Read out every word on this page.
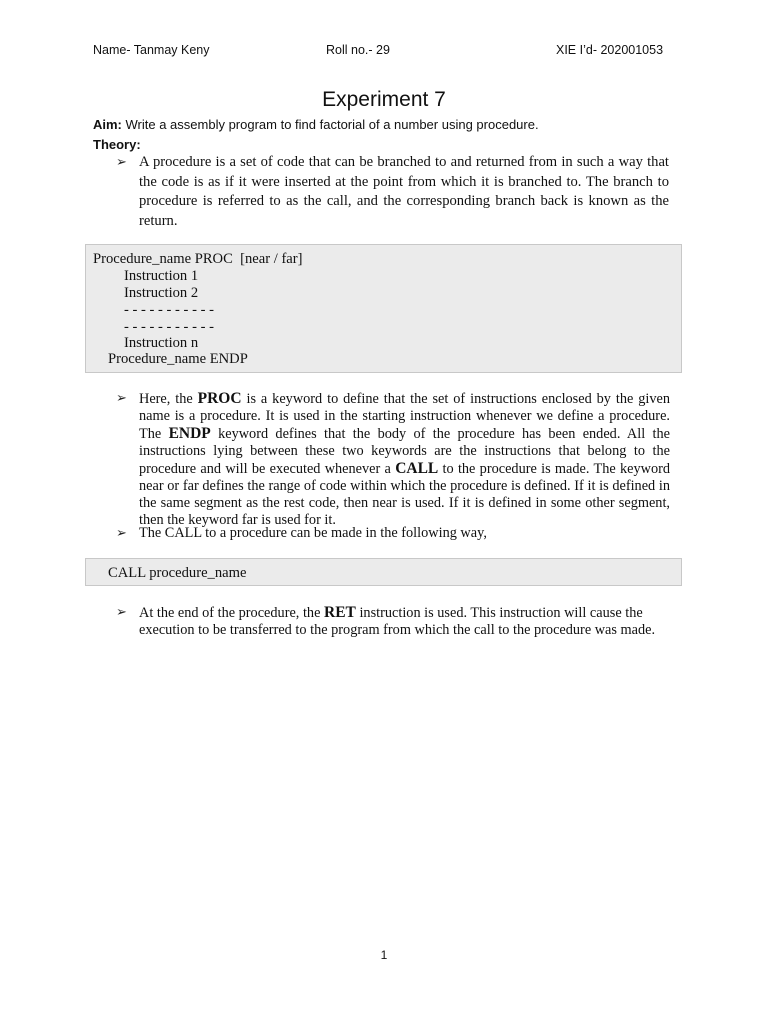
Name- Tanmay Keny	Roll no.- 29	XIE I’d- 202001053
Experiment 7
Aim: Write a assembly program to find factorial of a number using procedure.
Theory:
➢ A procedure is a set of code that can be branched to and returned from in such a way that the code is as if it were inserted at the point from which it is branched to. The branch to procedure is referred to as the call, and the corresponding branch back is known as the return.
Procedure_name PROC  [near / far]
Instruction 1
Instruction 2
- - - - - - - - - - -
- - - - - - - - - - -
Instruction n
Procedure_name ENDP
➢ Here, the PROC is a keyword to define that the set of instructions enclosed by the given name is a procedure. It is used in the starting instruction whenever we define a procedure. The ENDP keyword defines that the body of the procedure has been ended. All the instructions lying between these two keywords are the instructions that belong to the procedure and will be executed whenever a CALL to the procedure is made. The keyword near or far defines the range of code within which the procedure is defined. If it is defined in the same segment as the rest code, then near is used. If it is defined in some other segment, then the keyword far is used for it.
➢ The CALL to a procedure can be made in the following way,
CALL procedure_name
➢ At the end of the procedure, the RET instruction is used. This instruction will cause the execution to be transferred to the program from which the call to the procedure was made.
1
